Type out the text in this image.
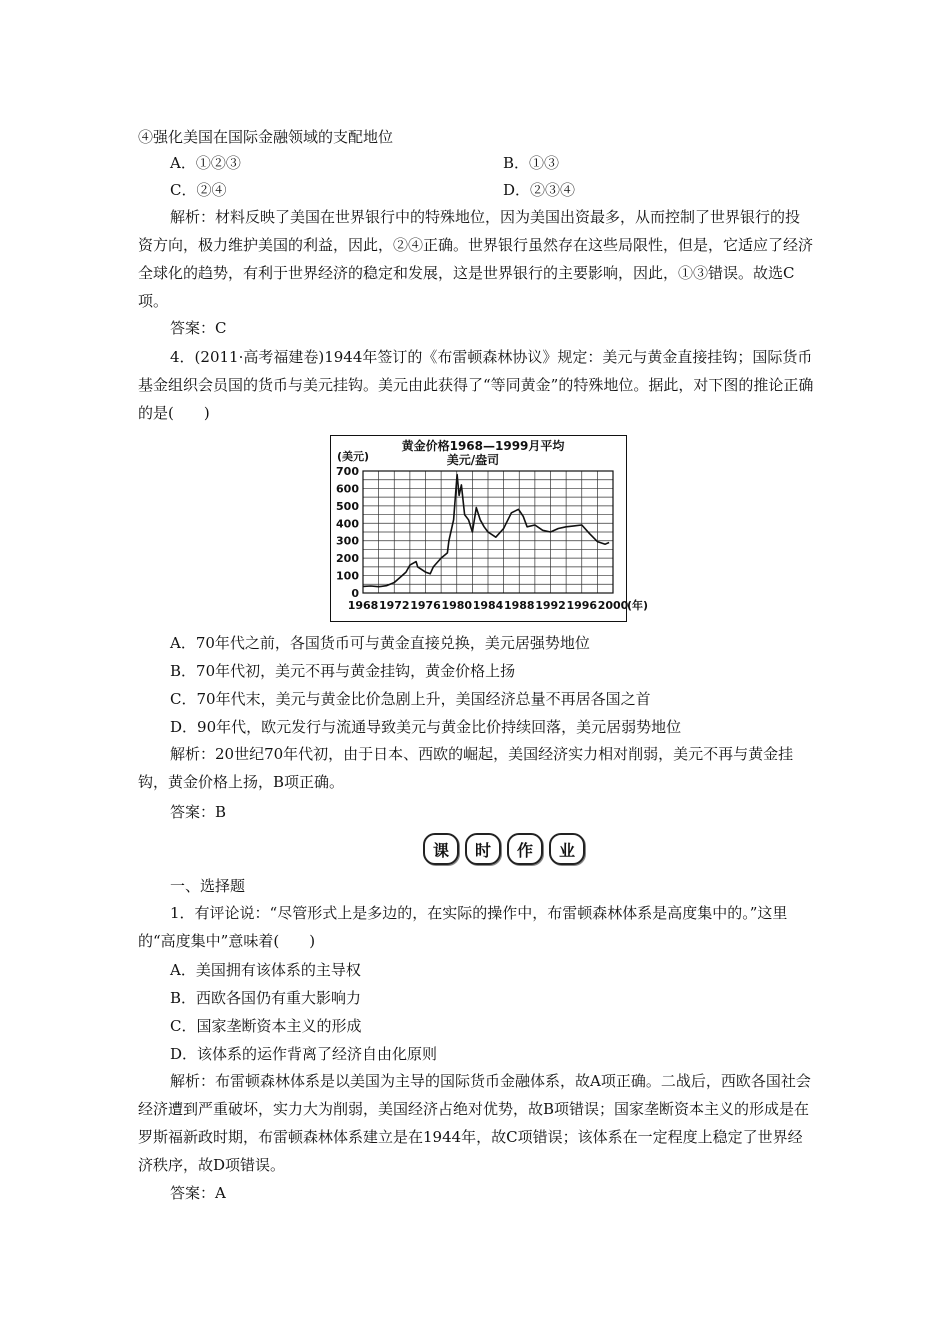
④强化美国在国际金融领域的支配地位
A．①②③	B．①③
C．②④	D．②③④
解析：材料反映了美国在世界银行中的特殊地位，因为美国出资最多，从而控制了世界银行的投资方向，极力维护美国的利益，因此，②④正确。世界银行虽然存在这些局限性，但是，它适应了经济全球化的趋势，有利于世界经济的稳定和发展，这是世界银行的主要影响，因此，①③错误。故选C项。
答案：C
4．(2011·高考福建卷)1944年签订的《布雷顿森林协议》规定：美元与黄金直接挂钩；国际货币基金组织会员国的货币与美元挂钩。美元由此获得了“等同黄金”的特殊地位。据此，对下图的推论正确的是(　　)
黄金价格1968—1999月平均
美元/盎司
(美元)
0
100
200
300
400
500
600
700
1968 1972 1976 1980 1984 1988 1992 1996 2000
(年)
A．70年代之前，各国货币可与黄金直接兑换，美元居强势地位
B．70年代初，美元不再与黄金挂钩，黄金价格上扬
C．70年代末，美元与黄金比价急剧上升，美国经济总量不再居各国之首
D．90年代，欧元发行与流通导致美元与黄金比价持续回落，美元居弱势地位
解析：20世纪70年代初，由于日本、西欧的崛起，美国经济实力相对削弱，美元不再与黄金挂钩，黄金价格上扬，B项正确。
答案：B
课	时	作	业
一、选择题
1．有评论说：“尽管形式上是多边的，在实际的操作中，布雷顿森林体系是高度集中的。”这里的“高度集中”意味着(　　)
A．美国拥有该体系的主导权
B．西欧各国仍有重大影响力
C．国家垄断资本主义的形成
D．该体系的运作背离了经济自由化原则
解析：布雷顿森林体系是以美国为主导的国际货币金融体系，故A项正确。二战后，西欧各国社会经济遭到严重破坏，实力大为削弱，美国经济占绝对优势，故B项错误；国家垄断资本主义的形成是在罗斯福新政时期，布雷顿森林体系建立是在1944年，故C项错误；该体系在一定程度上稳定了世界经济秩序，故D项错误。
答案：A
